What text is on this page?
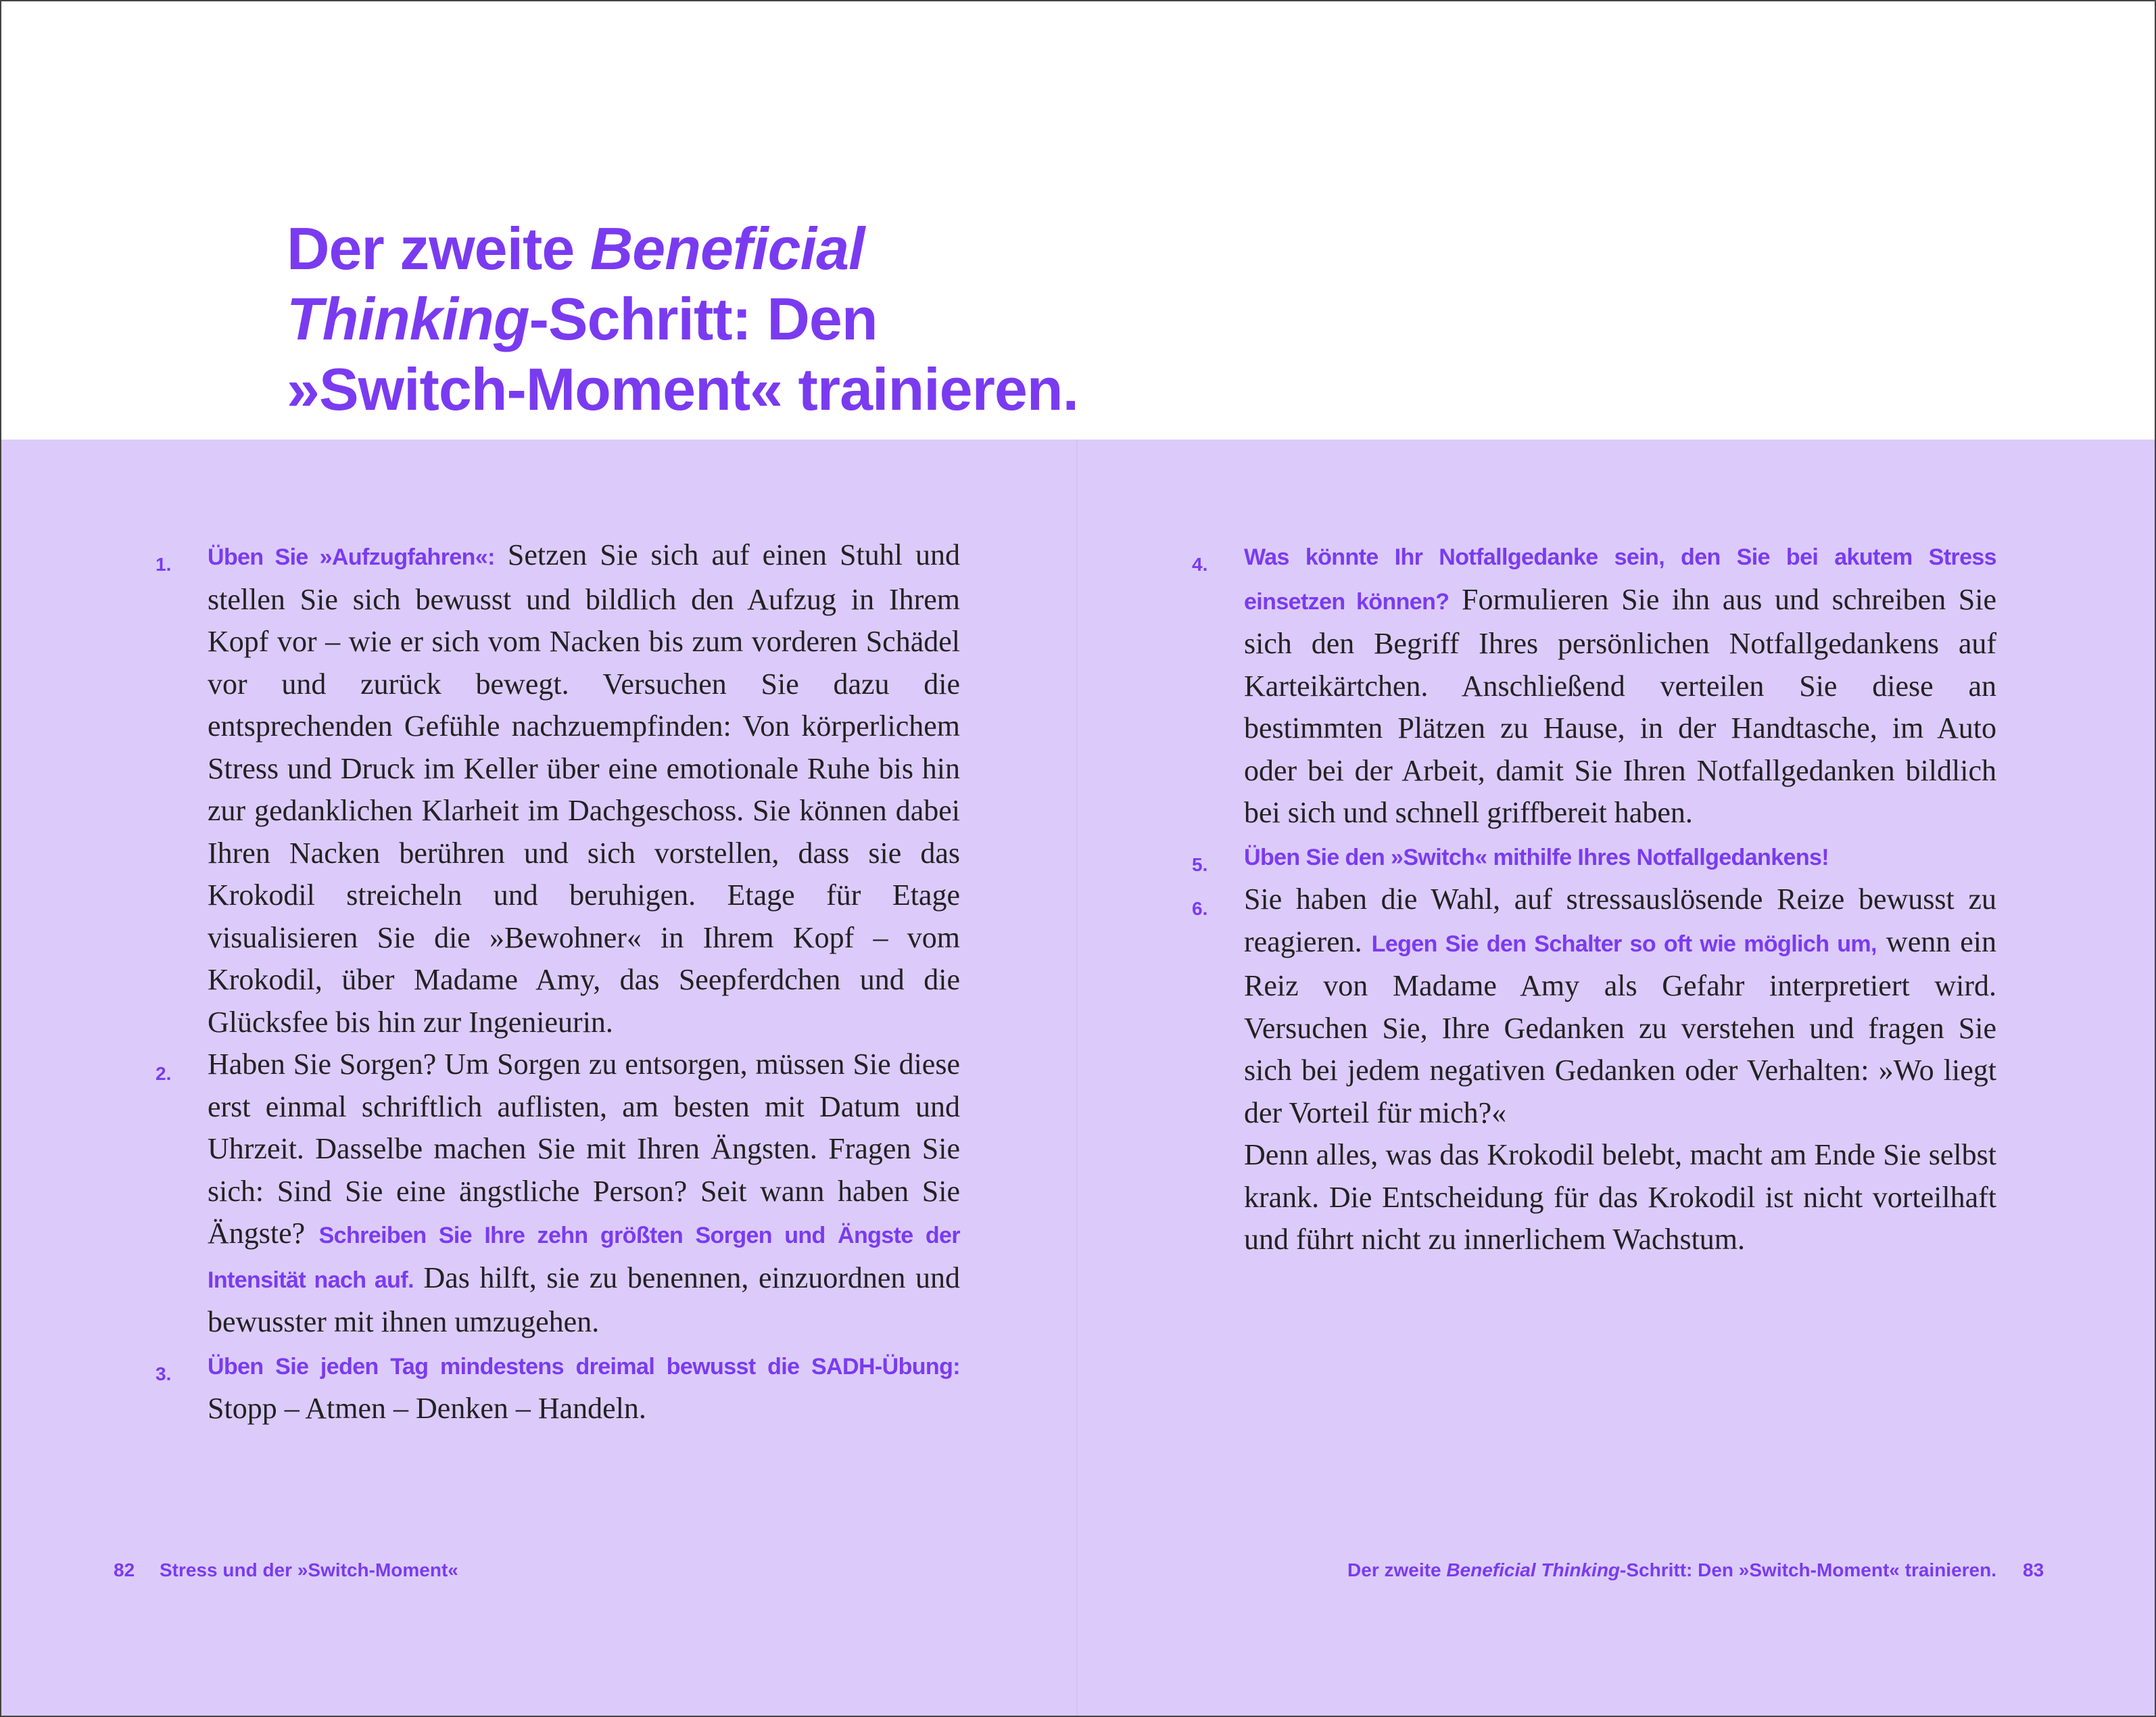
Der zweite Beneficial
Thinking-Schritt: Den
»Switch-Moment« trainieren.
1. Üben Sie »Aufzugfahren«: Setzen Sie sich auf einen Stuhl und stellen Sie sich bewusst und bildlich den Aufzug in Ihrem Kopf vor – wie er sich vom Nacken bis zum vorderen Schädel vor und zurück bewegt. Versuchen Sie dazu die entsprechenden Gefühle nachzuempfinden: Von körperlichem Stress und Druck im Keller über eine emotionale Ruhe bis hin zur gedanklichen Klarheit im Dachgeschoss. Sie können dabei Ihren Nacken berühren und sich vorstellen, dass sie das Krokodil streicheln und beruhigen. Etage für Etage visualisieren Sie die »Bewohner« in Ihrem Kopf – vom Krokodil, über Madame Amy, das Seepferdchen und die Glücksfee bis hin zur Ingenieurin.

2. Haben Sie Sorgen? Um Sorgen zu entsorgen, müssen Sie diese erst einmal schriftlich auflisten, am besten mit Datum und Uhrzeit. Dasselbe machen Sie mit Ihren Ängsten. Fragen Sie sich: Sind Sie eine ängstliche Person? Seit wann haben Sie Ängste? Schreiben Sie Ihre zehn größten Sorgen und Ängste der Intensität nach auf. Das hilft, sie zu benennen, einzuordnen und bewusster mit ihnen umzugehen.

3. Üben Sie jeden Tag mindestens dreimal bewusst die SADH-Übung: Stopp – Atmen – Denken – Handeln.

4. Was könnte Ihr Notfallgedanke sein, den Sie bei akutem Stress einsetzen können? Formulieren Sie ihn aus und schreiben Sie sich den Begriff Ihres persönlichen Notfallgedankens auf Karteikärtchen. Anschließend verteilen Sie diese an bestimmten Plätzen zu Hause, in der Handtasche, im Auto oder bei der Arbeit, damit Sie Ihren Notfallgedanken bildlich bei sich und schnell griffbereit haben.

5. Üben Sie den »Switch« mithilfe Ihres Notfallgedankens!

6. Sie haben die Wahl, auf stressauslösende Reize bewusst zu reagieren. Legen Sie den Schalter so oft wie möglich um, wenn ein Reiz von Madame Amy als Gefahr interpretiert wird. Versuchen Sie, Ihre Gedanken zu verstehen und fragen Sie sich bei jedem negativen Gedanken oder Verhalten: »Wo liegt der Vorteil für mich?«

Denn alles, was das Krokodil belebt, macht am Ende Sie selbst krank. Die Entscheidung für das Krokodil ist nicht vorteilhaft und führt nicht zu innerlichem Wachstum.

82 Stress und der »Switch-Moment«	Der zweite Beneficial Thinking-Schritt: Den »Switch-Moment« trainieren. 83
